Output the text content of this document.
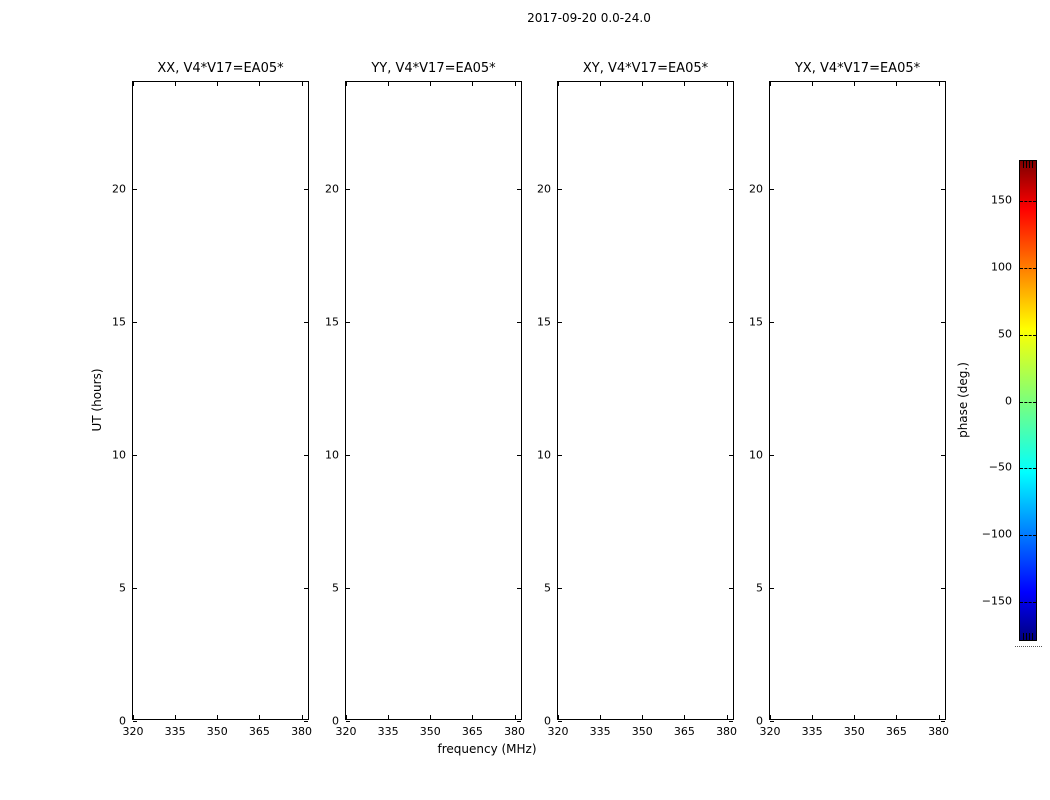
2017-09-20 0.0-24.0
XX, V4*V17=EA05*
320 335 350 365 380
0
5
10
15
20
YY, V4*V17=EA05*
320 335 350 365 380
0
5
10
15
20
XY, V4*V17=EA05*
320 335 350 365 380
0
5
10
15
20
YX, V4*V17=EA05*
320 335 350 365 380
0
5
10
15
20
frequency (MHz)
UT (hours)
150
100
50
0
−50
−100
−150
phase (deg.)
